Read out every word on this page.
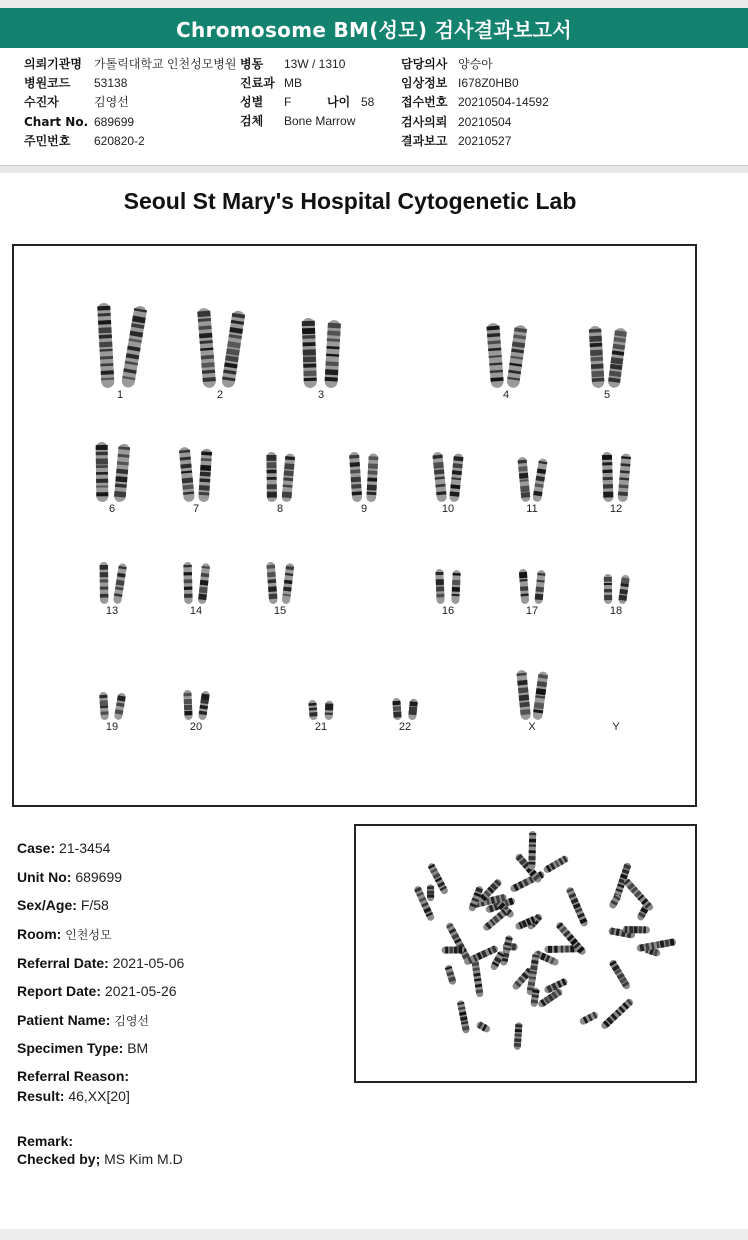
Chromosome BM(성모) 검사결과보고서
의뢰기관명 가톨릭대학교 인천성모병원 병동 13W / 1310	담당의사 양승아
병원코드 53138	진료과 MB	임상정보 I678Z0HB0
수진자	김영선	성별 F	나이 58 접수번호 20210504-14592
Chart No. 689699	검체 Bone Marrow	검사의뢰 20210504
주민번호 620820-2	결과보고 20210527
Seoul St Mary's Hospital Cytogenetic Lab
1	2	3	4	5
6	7	8	9	10	11	12
13	14	15	16	17	18
19	20	21	22	X	Y
Case: 21-3454
Unit No: 689699
Sex/Age: F/58
Room: 인천성모
Referral Date: 2021-05-06
Report Date: 2021-05-26
Patient Name: 김영선
Specimen Type: BM
Referral Reason:
Result: 46,XX[20]
Remark:
Checked by; MS Kim M.D
